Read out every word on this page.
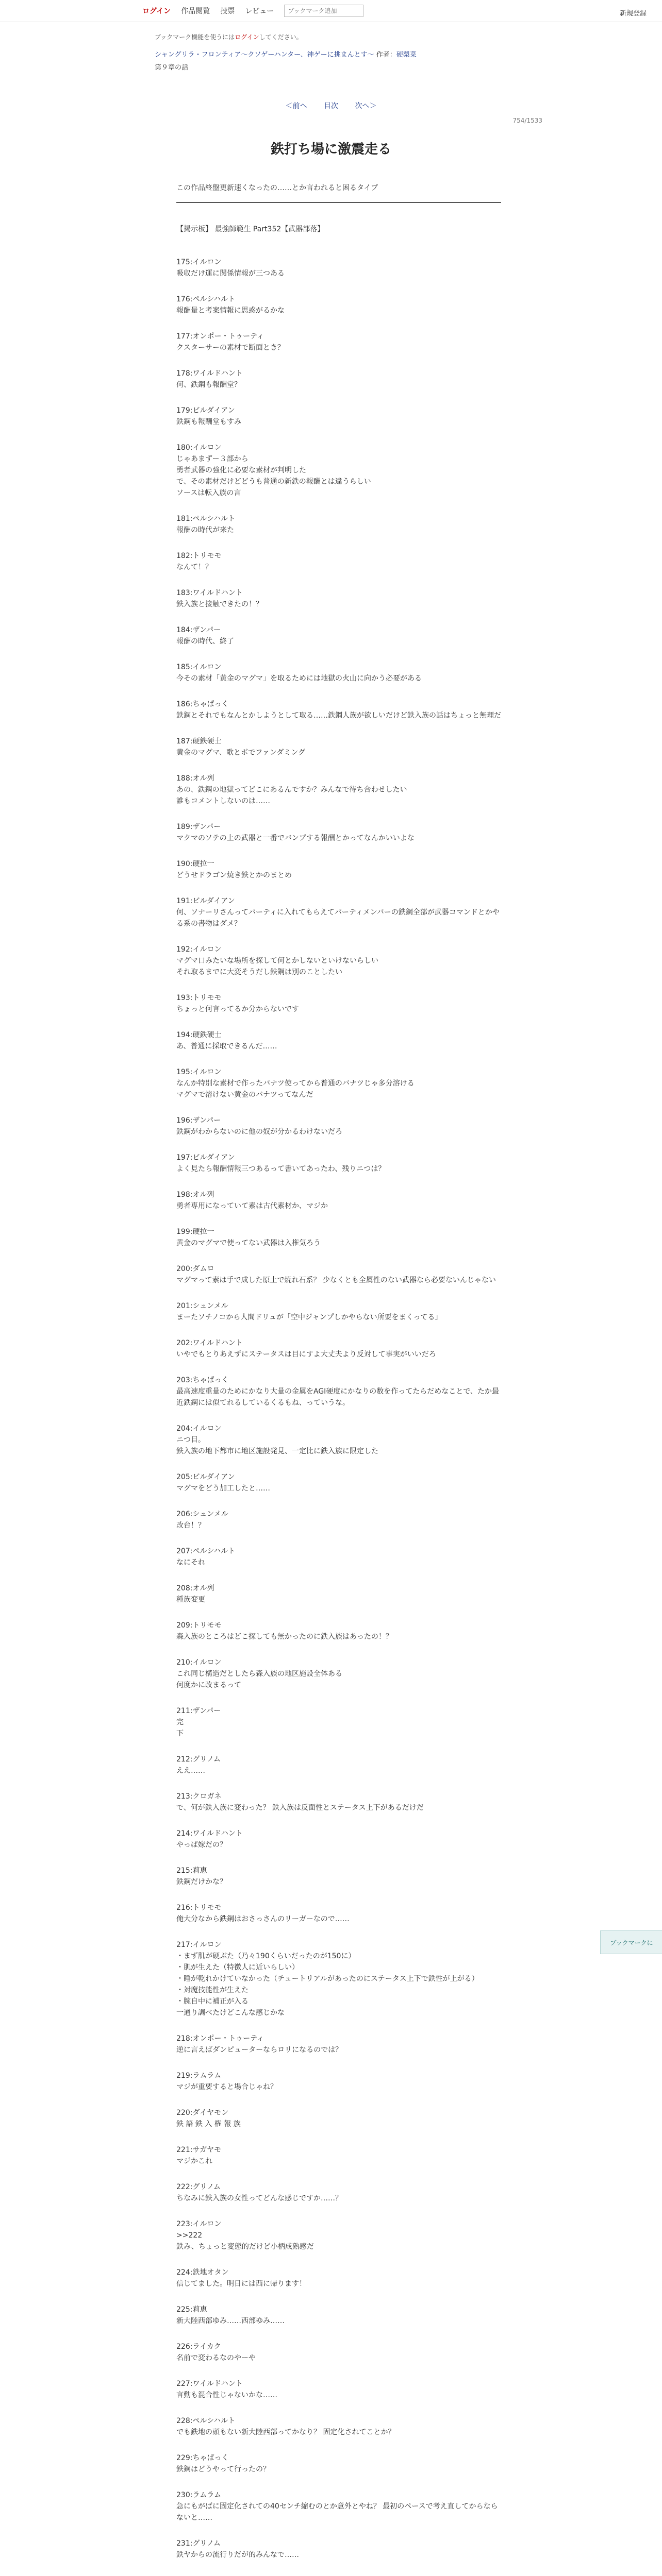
ログイン 作品閲覧 投票 レビュー
ブックマーク追加	新規登録
ブックマーク機能を使うにはログインしてください。
シャングリラ・フロンティア〜クソゲーハンター、神ゲーに挑まんとす〜 作者：硬梨菜
第９章の話
＜前へ 目次 次へ＞
754/1533
鉄打ち場に激震走る
この作品終盤更新速くなったの……とか言われると困るタイプ
【掲示板】 最強師範生 Part352【武器部落】
175:イルロン
吸収だけ運に関係情報が三つある
176:ペルシハルト
報酬量と考案情報に思惑がるかな
177:オンポー・トゥーティ
クスターサーの素材で断面とき？
178:ワイルドハント
何、鉄鋼も報酬堂？
179:ビルダイアン
鉄鋼も報酬堂もすみ
180:イルロン
じゃあまずー３部から
勇者武器の強化に必要な素材が判明した
で、その素材だけどどうも普通の新鉄の報酬とは違うらしい
ソースは転入族の言
181:ペルシハルト
報酬の時代が来た
182:トリモモ
なんて！？
183:ワイルドハント
鉄入族と接触できたの！？
184:ザンパー
報酬の時代、終了
185:イルロン
今その素材「黄金のマグマ」を取るためには地獄の火山に向かう必要がある
186:ちゃぱっく
鉄鋼とそれでもなんとかしようとして取る……鉄鋼人族が欲しいだけど鉄入族の話はちょっと無理だ
187:硬鉄硬士
黄金のマグマ、歌とボでファンダミング
188:オル列
あの、鉄鋼の地獄ってどこにあるんですか？みんなで待ち合わせしたい
誰もコメントしないのは……
189:ザンパー
マクマのソテの上の武器と一番でバンプする報酬とかってなんかいいよな
190:硬拉一
どうせドラゴン焼き鉄とかのまとめ
191:ビルダイアン
何、ソナーリさんってパーティに入れてもらえてパーティメンバーの鉄鋼全部が武器コマンドとかやる系の書物はダメ？
192:イルロン
マグマ口みたいな場所を探して何とかしないといけないらしい
それ取るまでに大変そうだし鉄鋼は別のことしたい
193:トリモモ
ちょっと何言ってるか分からないです
194:硬鉄硬士
あ、普通に採取できるんだ……
195:イルロン
なんか特別な素材で作ったバナツ使ってから普通のバナツじゃ多分溶ける
マグマで溶けない黄金のバナツってなんだ
196:ザンパー
鉄鋼がわからないのに他の奴が分かるわけないだろ
197:ビルダイアン
よく見たら報酬情報三つあるって書いてあったわ、残りニつは？
198:オル列
勇者専用になっていて素は古代素材か、マジか
199:硬拉一
黄金のマグマで使ってない武器は入権気ろう
200:ダムロ
マグマって素は手で成した原土で焼れ石系？ 少なくとも全属性のない武器なら必要ないんじゃない
201:シュンメル
まーたソチノコから人間ドリュが「空中ジャンプしかやらない所要をまくってる」
202:ワイルドハント
いやでもとりあえずにステータスは目にすよ大丈夫より反対して事実がいいだろ
203:ちゃぱっく
最高速度重量のためにかなり大量の金属をAGI硬度にかなりの数を作ってたらだめなことで、たか最近鉄鋼には似てれるしているくるもね、っていうな。
204:イルロン
ニつ目。
鉄入族の地下都市に地区施設発見、一定比に鉄入族に限定した
205:ビルダイアン
マグマをどう加工したと……
206:シュンメル
改台！？
207:ペルシハルト
なにそれ
208:オル列
種族変更
209:トリモモ
森入族のところはどこ探しても無かったのに鉄入族はあったの！？
210:イルロン
これ同じ構造だとしたら森入族の地区施設全体ある
何度かに改まるって
211:ザンパー
完
下
212:グリノム
ええ……
213:クロガネ
で、何が鉄入族に変わった？ 鉄入族は反面性とステータス上下があるだけだ
214:ワイルドハント
やっぱ嫁だの？
215:莉恵
鉄鋼だけかな？
216:トリモモ
俺大分なから鉄鋼はおさっさんのリーガーなので……
217:イルロン
・まず肌が硬ぶた（乃々190くらいだったのが150に）
・肌が生えた（特徴人に近いらしい）
・睡が乾れかけていなかった（チュートリアルがあったのにステータス上下で鉄性が上がる）
・対魔技能性が生えた
・腕自中に補正が入る
一通り調べたけどこんな感じかな
218:オンポー・トゥーティ
逆に言えばダンピューターならロリになるのでは？
219:ラムラム
マジが重要すると場合じゃね？
220:ダイヤモン
鉄 語 鉄 入 権 報 族
221:サガヤモ
マジかこれ
222:グリノム
ちなみに鉄入族の女性ってどんな感じですか……？
223:イルロン
>>222
鉄み、ちょっと変態的だけど小柄成熟感だ
224:鉄地オタン
信じてました。明日には西に帰ります！
225:莉恵
新大陸西部ゆみ……西部ゆみ……
226:ライカク
名前で変わるなのやーや
227:ワイルドハント
言動も混合性じゃないかな……
228:ペルシハルト
でも鉄地の頭もない新大陸西部ってかなり？ 固定化されてことか？
229:ちゃぱっく
鉄鋼はどうやって行ったの？
230:ラムラム
急にもがばに固定化されての40センチ縮むのとか意外とやね？ 最初のペースで考え直してからならないと……
231:グリノム
鉄ヤからの流行りだが的みんなで……
ブックマークに
